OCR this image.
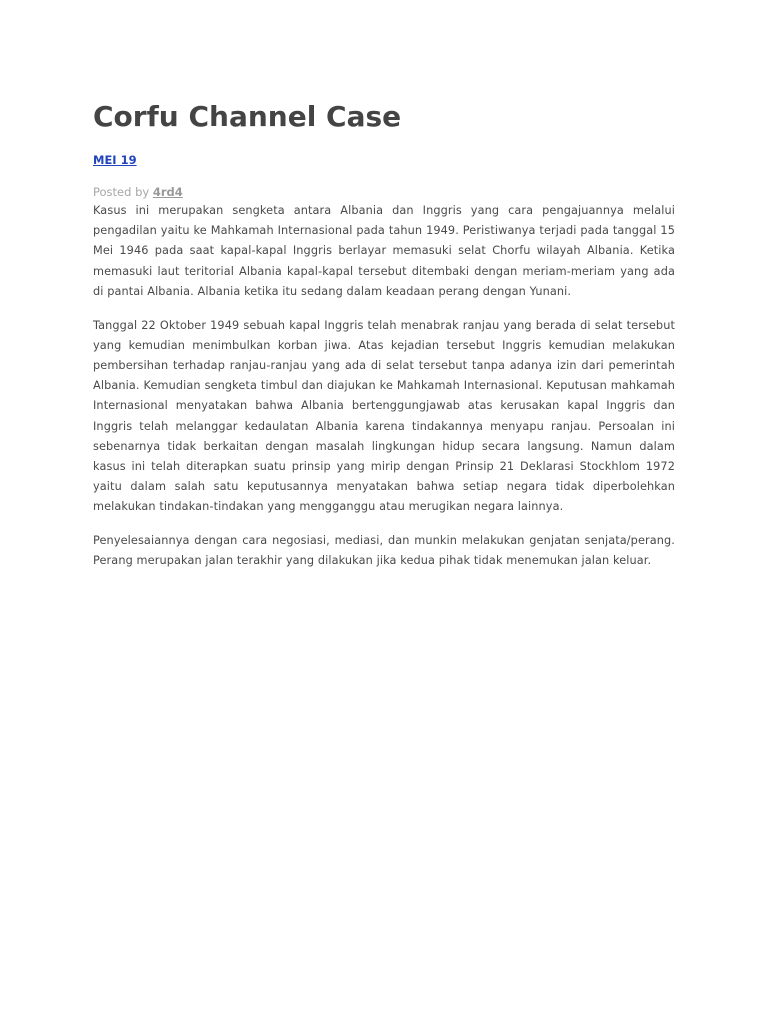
Corfu Channel Case
MEI 19
Posted by 4rd4

Kasus ini merupakan sengketa antara Albania dan Inggris yang cara pengajuannya melalui pengadilan yaitu ke Mahkamah Internasional pada tahun 1949. Peristiwanya terjadi pada tanggal 15 Mei 1946 pada saat kapal-kapal Inggris berlayar memasuki selat Chorfu wilayah Albania. Ketika memasuki laut teritorial Albania kapal-kapal tersebut ditembaki dengan meriam-meriam yang ada di pantai Albania. Albania ketika itu sedang dalam keadaan perang dengan Yunani.

Tanggal 22 Oktober 1949 sebuah kapal Inggris telah menabrak ranjau yang berada di selat tersebut yang kemudian menimbulkan korban jiwa. Atas kejadian tersebut Inggris kemudian melakukan pembersihan terhadap ranjau-ranjau yang ada di selat tersebut tanpa adanya izin dari pemerintah Albania. Kemudian sengketa timbul dan diajukan ke Mahkamah Internasional. Keputusan mahkamah Internasional menyatakan bahwa Albania bertenggungjawab atas kerusakan kapal Inggris dan Inggris telah melanggar kedaulatan Albania karena tindakannya menyapu ranjau. Persoalan ini sebenarnya tidak berkaitan dengan masalah lingkungan hidup secara langsung. Namun dalam kasus ini telah diterapkan suatu prinsip yang mirip dengan Prinsip 21 Deklarasi Stockhlom 1972 yaitu dalam salah satu keputusannya menyatakan bahwa setiap negara tidak diperbolehkan melakukan tindakan-tindakan yang mengganggu atau merugikan negara lainnya.

Penyelesaiannya dengan cara negosiasi, mediasi, dan munkin melakukan genjatan senjata/perang. Perang merupakan jalan terakhir yang dilakukan jika kedua pihak tidak menemukan jalan keluar.
